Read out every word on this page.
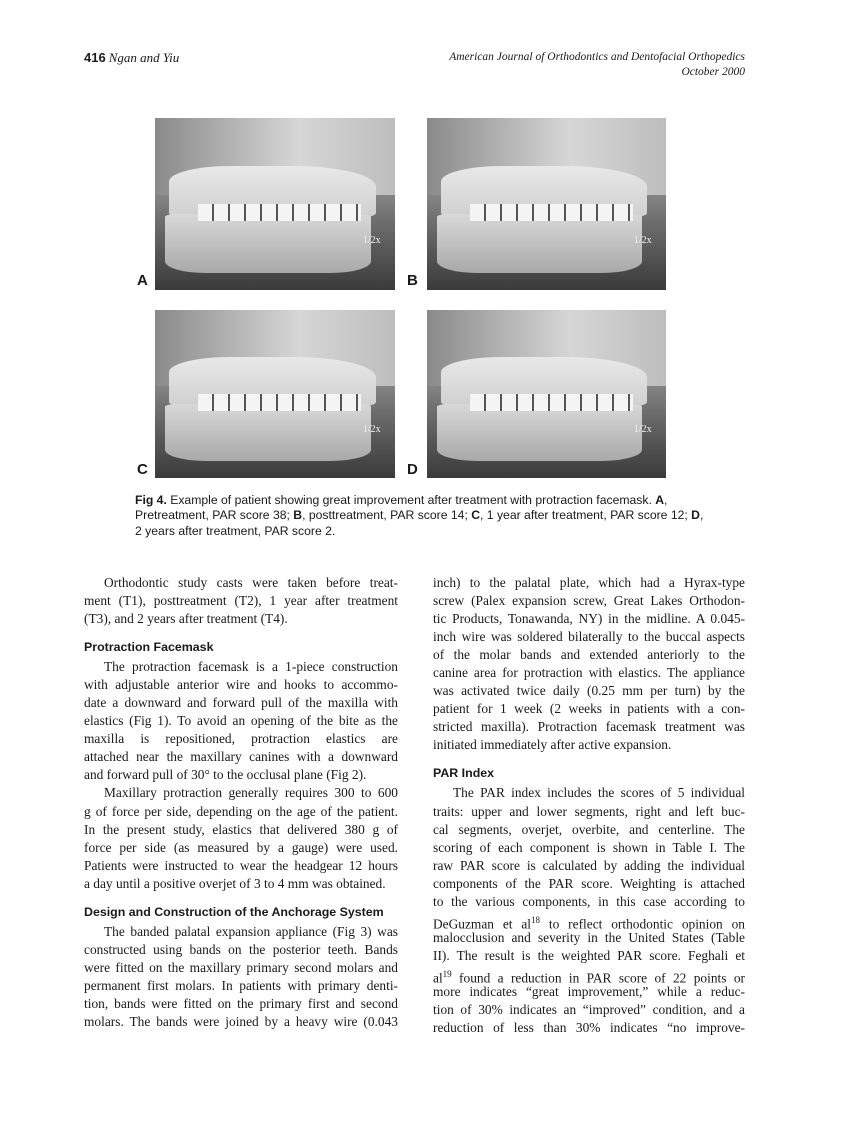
416 Ngan and Yiu	American Journal of Orthodontics and Dentofacial Orthopedics
October 2000
1/2x	1/2x
1/2x	1/2x
A	B
C	D
Fig 4. Example of patient showing great improvement after treatment with protraction facemask. A, Pretreatment, PAR score 38; B, posttreatment, PAR score 14; C, 1 year after treatment, PAR score 12; D, 2 years after treatment, PAR score 2.
Orthodontic study casts were taken before treat-
ment (T1), posttreatment (T2), 1 year after treatment
(T3), and 2 years after treatment (T4).
Protraction Facemask
The protraction facemask is a 1-piece construction
with adjustable anterior wire and hooks to accommo-
date a downward and forward pull of the maxilla with
elastics (Fig 1). To avoid an opening of the bite as the
maxilla is repositioned, protraction elastics are
attached near the maxillary canines with a downward
and forward pull of 30° to the occlusal plane (Fig 2).
Maxillary protraction generally requires 300 to 600
g of force per side, depending on the age of the patient.
In the present study, elastics that delivered 380 g of
force per side (as measured by a gauge) were used.
Patients were instructed to wear the headgear 12 hours
a day until a positive overjet of 3 to 4 mm was obtained.
Design and Construction of the Anchorage System
The banded palatal expansion appliance (Fig 3) was
constructed using bands on the posterior teeth. Bands
were fitted on the maxillary primary second molars and
permanent first molars. In patients with primary denti-
tion, bands were fitted on the primary first and second
molars. The bands were joined by a heavy wire (0.043
inch) to the palatal plate, which had a Hyrax-type
screw (Palex expansion screw, Great Lakes Orthodon-
tic Products, Tonawanda, NY) in the midline. A 0.045-
inch wire was soldered bilaterally to the buccal aspects
of the molar bands and extended anteriorly to the
canine area for protraction with elastics. The appliance
was activated twice daily (0.25 mm per turn) by the
patient for 1 week (2 weeks in patients with a con-
stricted maxilla). Protraction facemask treatment was
initiated immediately after active expansion.
PAR Index
The PAR index includes the scores of 5 individual
traits: upper and lower segments, right and left buc-
cal segments, overjet, overbite, and centerline. The
scoring of each component is shown in Table I. The
raw PAR score is calculated by adding the individual
components of the PAR score. Weighting is attached
to the various components, in this case according to
DeGuzman et $al^{18}$ to reflect orthodontic opinion on
malocclusion and severity in the United States (Table
II). The result is the weighted PAR score. Feghali et
$al^{19}$ found a reduction in PAR score of 22 points or
more indicates “great improvement,” while a reduc-
tion of 30% indicates an “improved” condition, and a
reduction of less than 30% indicates “no improve-
